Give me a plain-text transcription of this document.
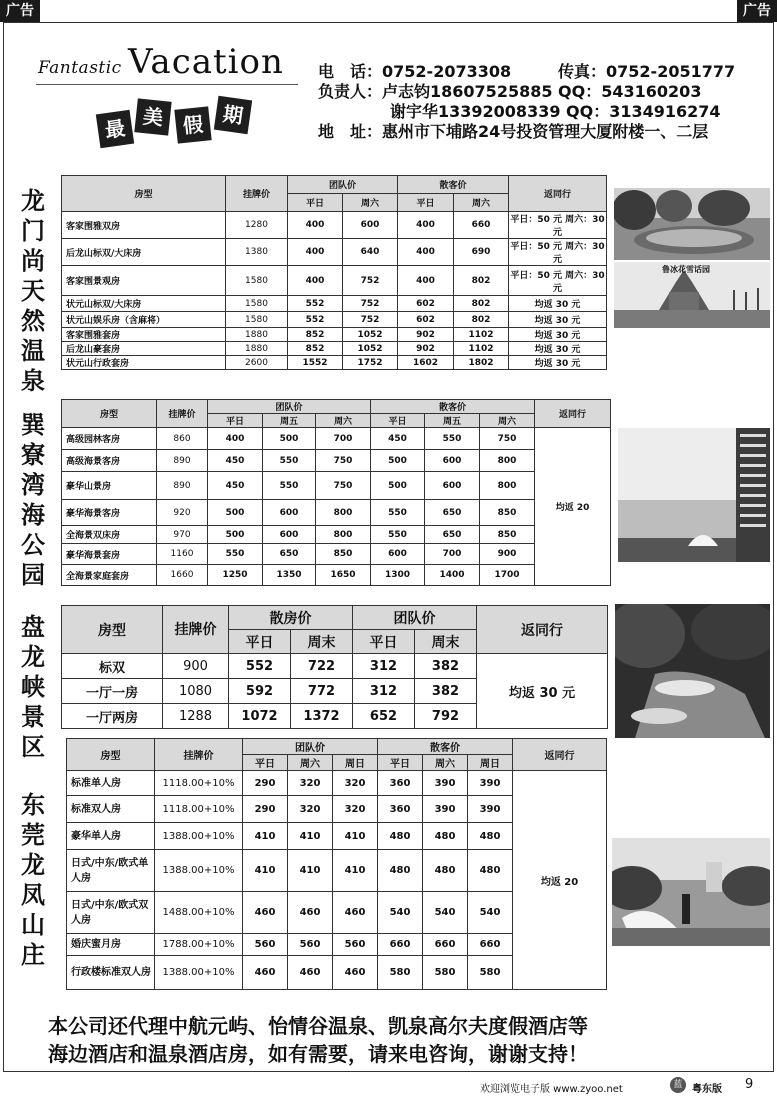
广告	广告
Fantastic Vacation
最 美 假 期
电　话：0752-2073308	传真：0752-2051777
负责人：卢志钧18607525885 QQ：543160203
谢宇华13392008339 QQ：3134916274
地　址：惠州市下埔路24号投资管理大厦附楼一、二层
龙门尚天然温泉
房型	挂牌价	团队价		散客价		返同行
		平日	周六	平日	周六	
客家围雅双房	1280	400	600	400	660	平日：50 元 周六：30 元
后龙山标双/大床房	1380	400	640	400	690	平日：50 元 周六：30 元
客家围景观房	1580	400	752	400	802	平日：50 元 周六：30 元
状元山标双/大床房	1580	552	752	602	802	均返 30 元
状元山娱乐房（含麻将）	1580	552	752	602	802	均返 30 元
客家围雅套房	1880	852	1052	902	1102	均返 30 元
后龙山豪套房	1880	852	1052	902	1102	均返 30 元
状元山行政套房	2600	1552	1752	1602	1802	均返 30 元
鲁冰花雪话园
巽寮湾海公园
房型	挂牌价	团队价			散客价			返同行
		平日	周五	周六	平日	周五	周六	
高级园林客房	860	400	500	700	450	550	750	均返 20
高级海景客房	890	450	550	750	500	600	800	
豪华山景房	890	450	550	750	500	600	800	
豪华海景客房	920	500	600	800	550	650	850	
全海景双床房	970	500	600	800	550	650	850	
豪华海景套房	1160	550	650	850	600	700	900	
全海景家庭套房	1660	1250	1350	1650	1300	1400	1700	
盘龙峡景区
房型	挂牌价	散房价		团队价		返同行
		平日	周末	平日	周末	
标双	900	552	722	312	382	均返 30 元
一厅一房	1080	592	772	312	382	
一厅两房	1288	1072	1372	652	792	
东莞龙凤山庄
房型	挂牌价	团队价			散客价			返同行
		平日	周六	周日	平日	周六	周日	
标准单人房	1118.00+10%	290	320	320	360	390	390	均返 20
标准双人房	1118.00+10%	290	320	320	360	390	390	
豪华单人房	1388.00+10%	410	410	410	480	480	480	
日式/中东/欧式单人房	1388.00+10%	410	410	410	480	480	480	
日式/中东/欧式双人房	1488.00+10%	460	460	460	540	540	540	
婚庆蜜月房	1788.00+10%	560	560	560	660	660	660	
行政楼标准双人房	1388.00+10%	460	460	460	580	580	580	
本公司还代理中航元屿、怡情谷温泉、凯泉高尔夫度假酒店等
海边酒店和温泉酒店房，如有需要，请来电咨询，谢谢支持！
欢迎浏览电子版 www.zyoo.net	蓝 粤东版 9
